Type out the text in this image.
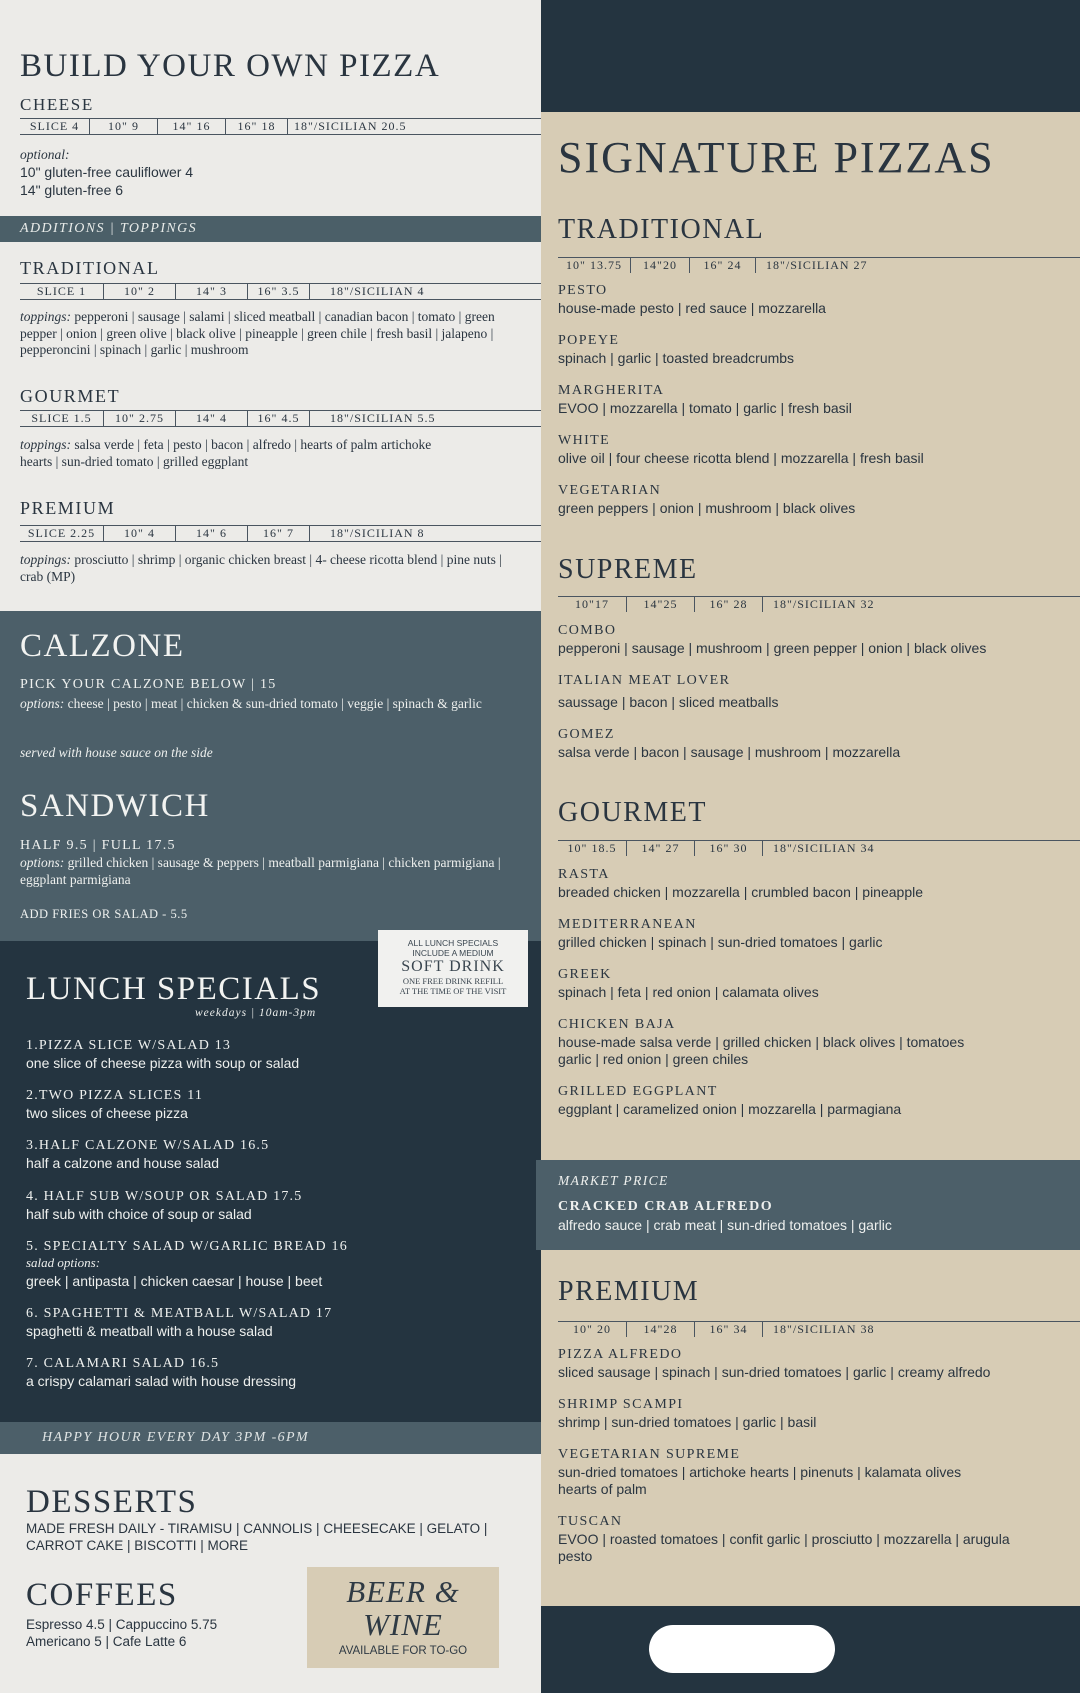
BUILD YOUR OWN PIZZA
CHEESE
SLICE 4	10" 9	14" 16	16" 18	18"/SICILIAN 20.5
optional:
10" gluten-free cauliflower 4
14" gluten-free 6
ADDITIONS | TOPPINGS
TRADITIONAL
SLICE 1	10" 2	14" 3	16" 3.5	18"/SICILIAN 4
toppings: pepperoni | sausage | salami | sliced meatball | canadian bacon | tomato | green pepper | onion | green olive | black olive | pineapple | green chile | fresh basil | jalapeno | pepperoncini | spinach | garlic | mushroom
GOURMET
SLICE 1.5	10" 2.75	14" 4	16" 4.5	18"/SICILIAN 5.5
toppings: salsa verde | feta | pesto | bacon | alfredo | hearts of palm artichoke hearts | sun-dried tomato | grilled eggplant
PREMIUM
SLICE 2.25	10" 4	14" 6	16" 7	18"/SICILIAN 8
toppings: prosciutto | shrimp | organic chicken breast | 4- cheese ricotta blend | pine nuts | crab (MP)
CALZONE
PICK YOUR CALZONE BELOW | 15
options: cheese | pesto | meat | chicken & sun-dried tomato | veggie | spinach & garlic
served with house sauce on the side
SANDWICH
HALF 9.5 | FULL 17.5
options: grilled chicken | sausage & peppers | meatball parmigiana | chicken parmigiana | eggplant parmigiana
ADD FRIES OR SALAD - 5.5
LUNCH SPECIALS
weekdays | 10am-3pm
1.PIZZA SLICE W/SALAD 13
one slice of cheese pizza with soup or salad
2.TWO PIZZA SLICES 11
two slices of cheese pizza
3.HALF CALZONE W/SALAD 16.5
half a calzone and house salad
4. HALF SUB W/SOUP OR SALAD 17.5
half sub with choice of soup or salad
5. SPECIALTY SALAD W/GARLIC BREAD 16
salad options:
greek | antipasta | chicken caesar | house | beet
6. SPAGHETTI & MEATBALL W/SALAD 17
spaghetti & meatball with a house salad
7. CALAMARI SALAD 16.5
a crispy calamari salad with house dressing
ALL LUNCH SPECIALS
INCLUDE A MEDIUM
SOFT DRINK
ONE FREE DRINK REFILL
AT THE TIME OF THE VISIT
HAPPY HOUR EVERY DAY 3PM -6PM
DESSERTS
MADE FRESH DAILY - TIRAMISU | CANNOLIS | CHEESECAKE | GELATO |
CARROT CAKE | BISCOTTI | MORE
COFFEES
Espresso 4.5 | Cappuccino 5.75
Americano 5 | Cafe Latte 6
BEER &
WINE
AVAILABLE FOR TO-GO
SIGNATURE PIZZAS
TRADITIONAL
10" 13.75	14"20	16" 24	18"/SICILIAN 27
PESTO
house-made pesto | red sauce | mozzarella
POPEYE
spinach | garlic | toasted breadcrumbs
MARGHERITA
EVOO | mozzarella | tomato | garlic | fresh basil
WHITE
olive oil | four cheese ricotta blend | mozzarella | fresh basil
VEGETARIAN
green peppers | onion | mushroom | black olives
SUPREME
10"17	14"25	16" 28	18"/SICILIAN 32
COMBO
pepperoni | sausage | mushroom | green pepper | onion | black olives
ITALIAN MEAT LOVER
saussage | bacon | sliced meatballs
GOMEZ
salsa verde | bacon | sausage | mushroom | mozzarella
GOURMET
10" 18.5	14" 27	16" 30	18"/SICILIAN 34
RASTA
breaded chicken | mozzarella | crumbled bacon | pineapple
MEDITERRANEAN
grilled chicken | spinach | sun-dried tomatoes | garlic
GREEK
spinach | feta | red onion | calamata olives
CHICKEN BAJA
house-made salsa verde | grilled chicken | black olives | tomatoes
garlic | red onion | green chiles
GRILLED EGGPLANT
eggplant | caramelized onion | mozzarella | parmagiana
PREMIUM
10" 20	14"28	16" 34	18"/SICILIAN 38
PIZZA ALFREDO
sliced sausage | spinach | sun-dried tomatoes | garlic | creamy alfredo
SHRIMP SCAMPI
shrimp | sun-dried tomatoes | garlic | basil
VEGETARIAN SUPREME
sun-dried tomatoes | artichoke hearts | pinenuts | kalamata olives
hearts of palm
TUSCAN
EVOO | roasted tomatoes | confit garlic | prosciutto | mozzarella | arugula
pesto
MARKET PRICE
CRACKED CRAB ALFREDO
alfredo sauce | crab meat | sun-dried tomatoes | garlic
